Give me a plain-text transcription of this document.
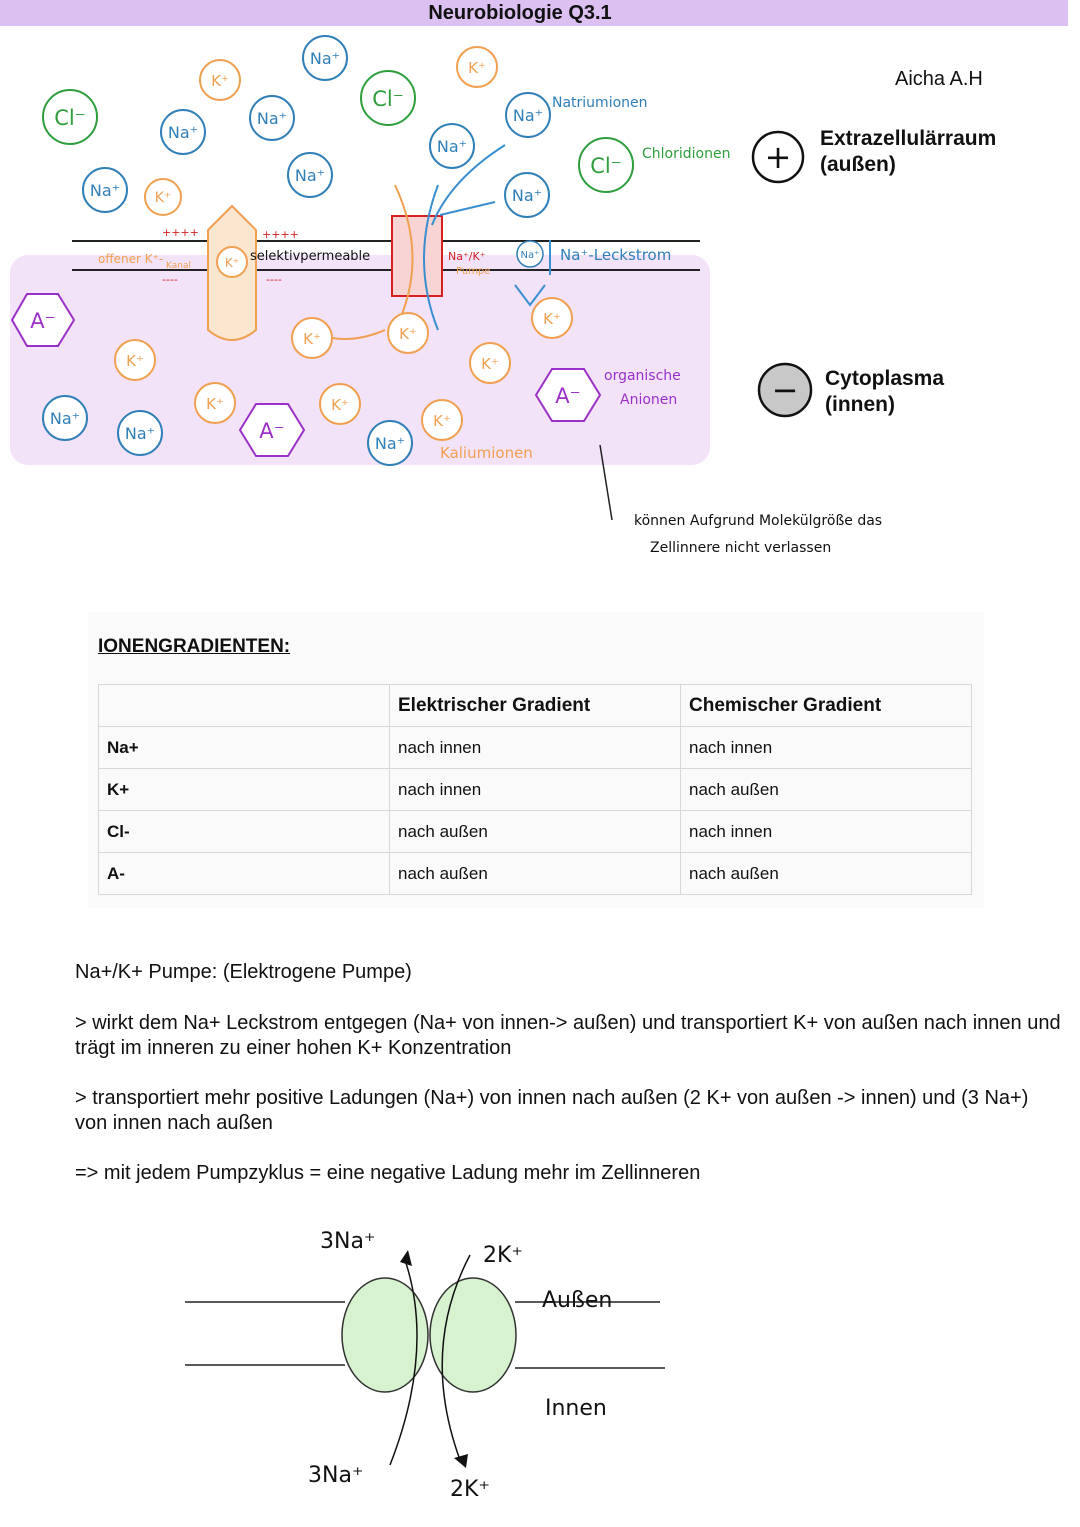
Neurobiologie Q3.1
Aicha A.H
Cl⁻
Cl⁻
Cl⁻
Na⁺
Na⁺
Na⁺
Na⁺
Na⁺
Na⁺
Na⁺
Na⁺
Na⁺
Na⁺
Na⁺
Na⁺
K⁺
K⁺
K⁺
K⁺
K⁺	K⁺
K⁺
K⁺
K⁺
K⁺	K⁺
K⁺
A⁻
A⁻
A⁻
Natriumionen
Chloridionen
++++	++++
offener K⁺- Kanal
selektivpermeable
----	----
Na⁺/K⁺
Pumpe
Na⁺-Leckstrom
organische
Anionen
Kaliumionen
können Aufgrund Molekülgröße das
Zellinnere nicht verlassen
+
−
Extrazellulärraum
(außen)
Cytoplasma
(innen)
IONENGRADIENTEN:
	Elektrischer Gradient	Chemischer Gradient
Na+	nach innen	nach innen
K+	nach innen	nach außen
Cl-	nach außen	nach innen
A-	nach außen	nach außen
Na+/K+ Pumpe: (Elektrogene Pumpe)
> wirkt dem Na+ Leckstrom entgegen (Na+ von innen-> außen) und transportiert K+ von außen nach innen und trägt im inneren zu einer hohen K+ Konzentration
> transportiert mehr positive Ladungen (Na+) von innen nach außen (2 K+ von außen -> innen) und (3 Na+) von innen nach außen
=> mit jedem Pumpzyklus = eine negative Ladung mehr im Zellinneren
3Na⁺
2K⁺
3Na⁺
2K⁺
Außen
Innen
